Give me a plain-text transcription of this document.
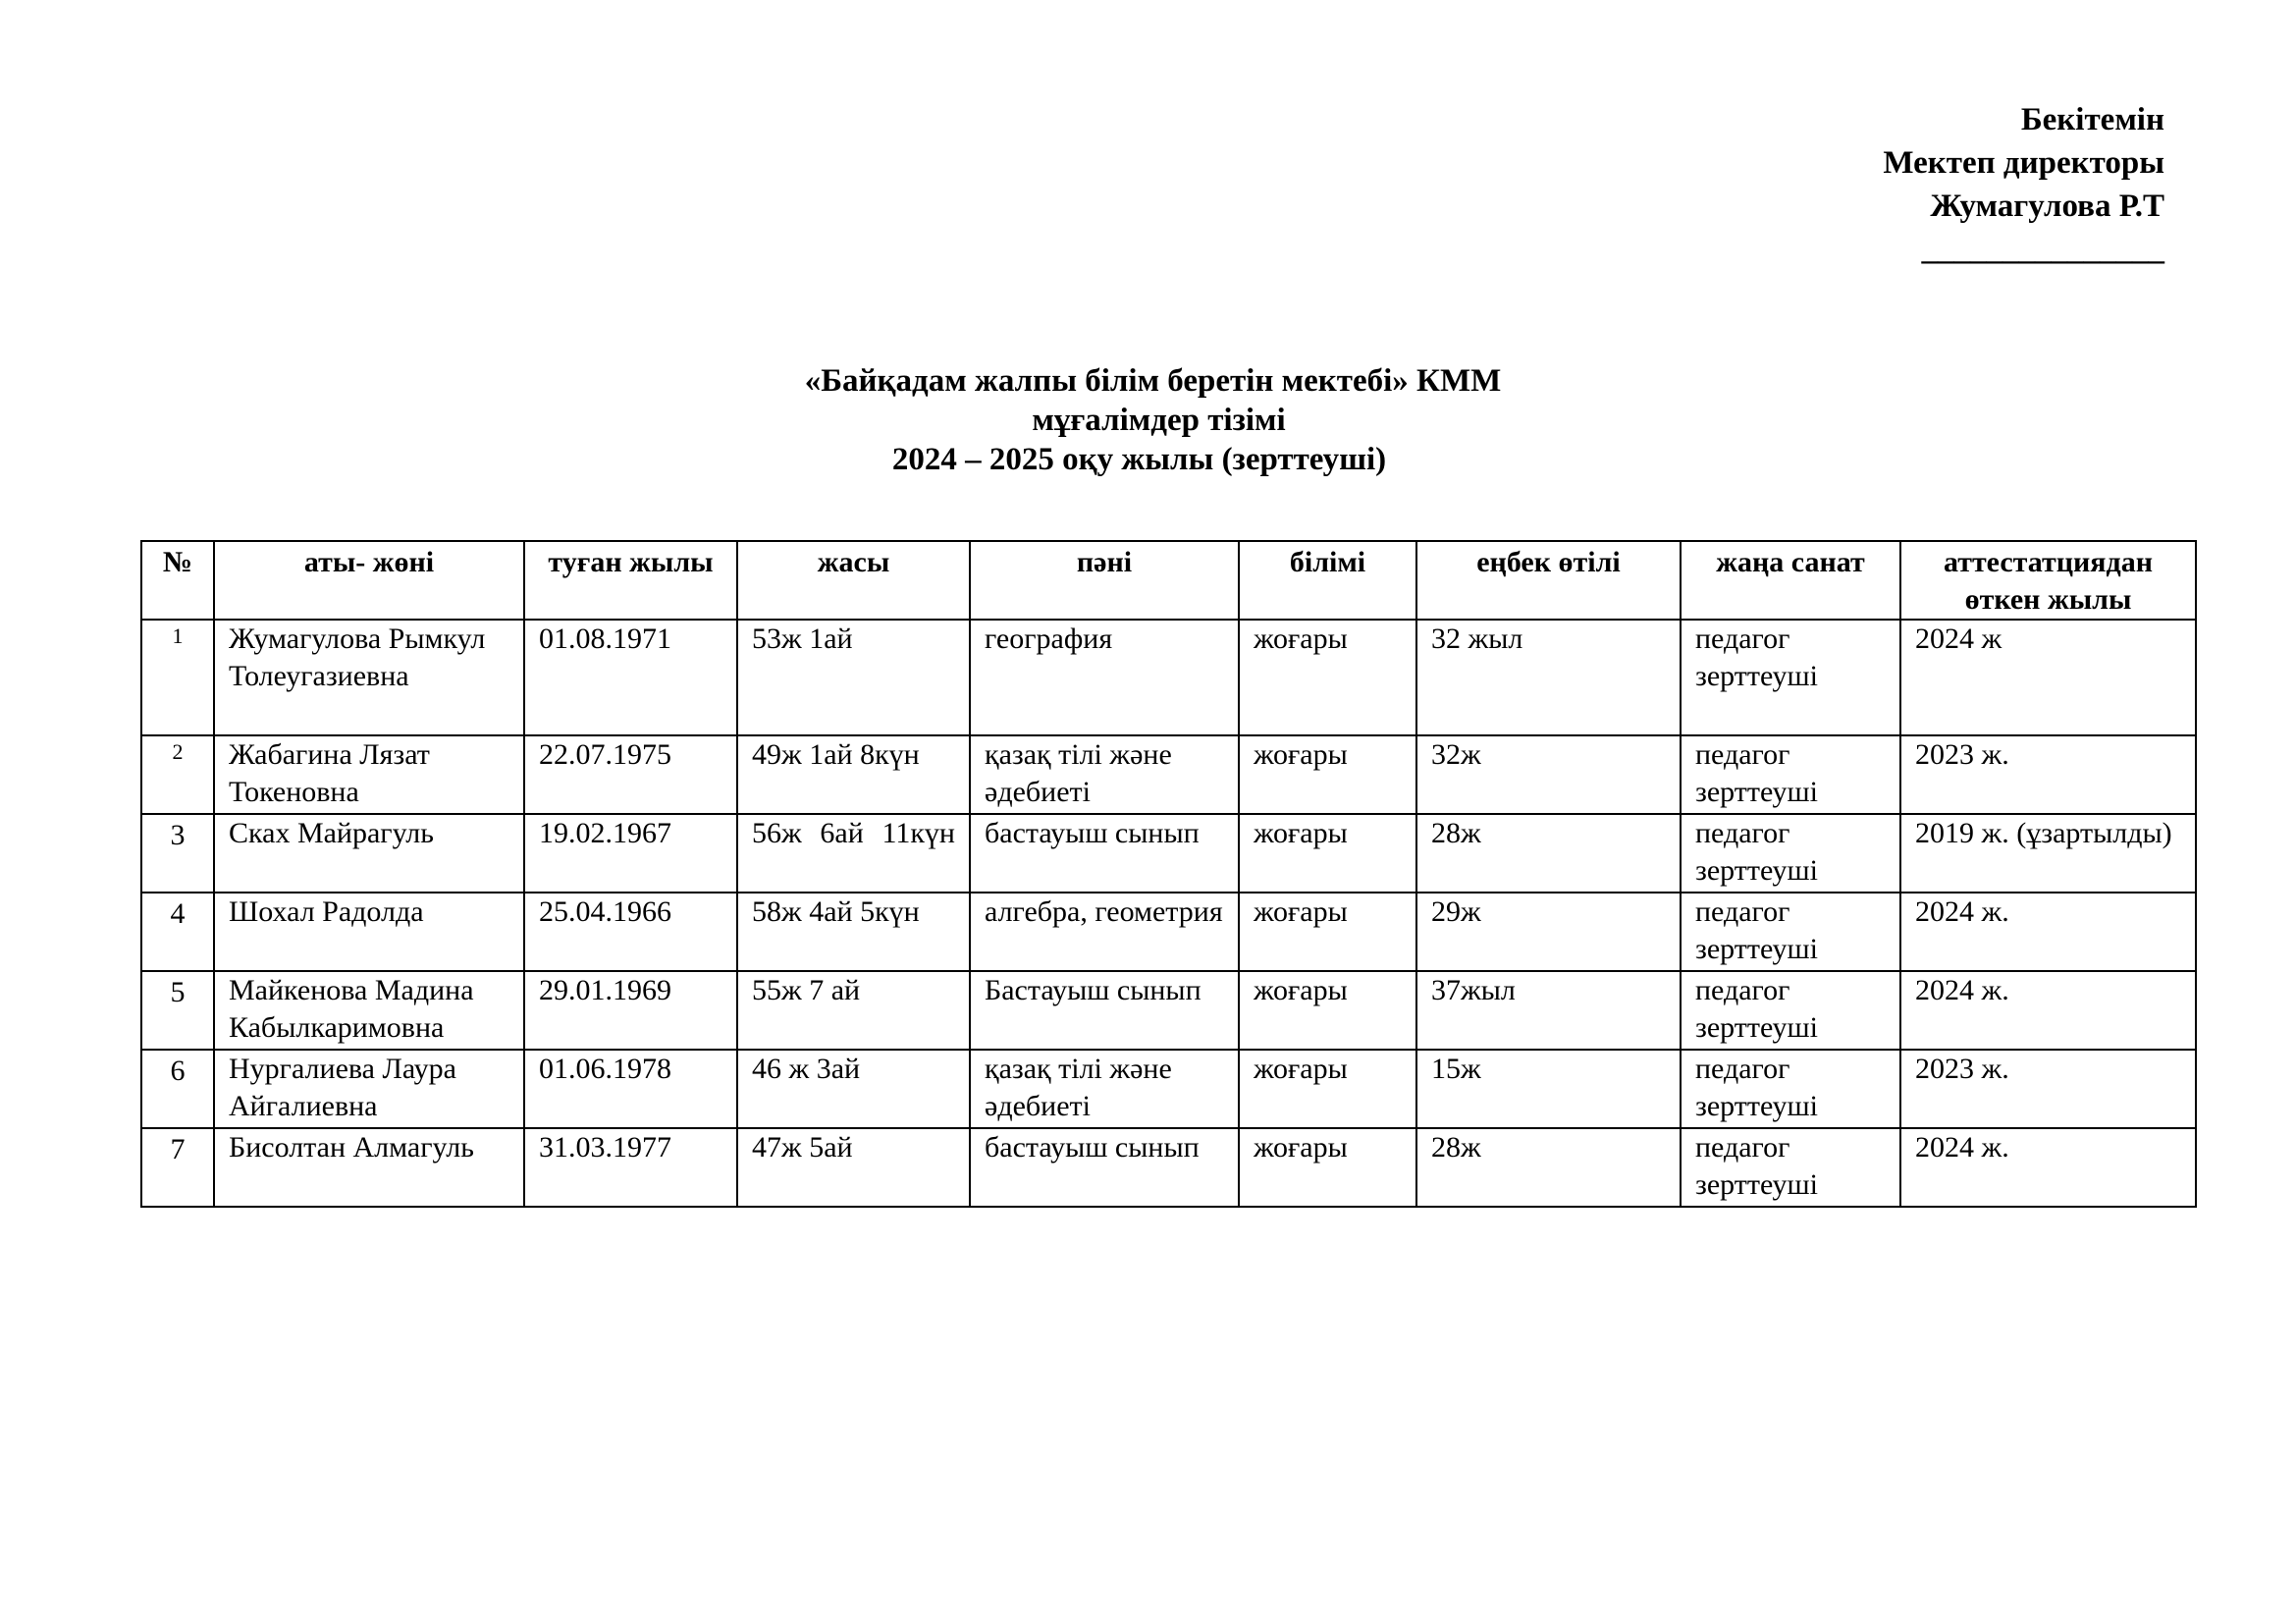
Бекітемін
Мектеп директоры
Жумагулова Р.Т
_______________
«Байқадам жалпы білім беретін мектебі» КММ
мұғалімдер тізімі
2024 – 2025 оқу жылы (зерттеуші)
№	аты- жөні	туған жылы	жасы	пәні	білімі	еңбек өтілі	жаңа санат	аттестатциядан өткен жылы
1	Жумагулова Рымкул Толеугазиевна	01.08.1971	53ж 1ай	география	жоғары	32 жыл	педагог зерттеуші	2024 ж
2	Жабагина Лязат Токеновна	22.07.1975	49ж 1ай 8күн	қазақ тілі және әдебиеті	жоғары	32ж	педагог зерттеуші	2023 ж.
3	Сках Майрагуль	19.02.1967	56ж 6ай 11күн	бастауыш сынып	жоғары	28ж	педагог зерттеуші	2019 ж. (ұзартылды)
4	Шохал Радолда	25.04.1966	58ж 4ай 5күн	алгебра, геометрия	жоғары	29ж	педагог зерттеуші	2024 ж.
5	Майкенова Мадина Кабылкаримовна	29.01.1969	55ж 7 ай	Бастауыш сынып	жоғары	37жыл	педагог зерттеуші	2024 ж.
6	Нургалиева Лаура Айгалиевна	01.06.1978	46 ж 3ай	қазақ тілі және әдебиеті	жоғары	15ж	педагог зерттеуші	2023 ж.
7	Бисолтан Алмагуль	31.03.1977	47ж 5ай	бастауыш сынып	жоғары	28ж	педагог зерттеуші	2024 ж.
